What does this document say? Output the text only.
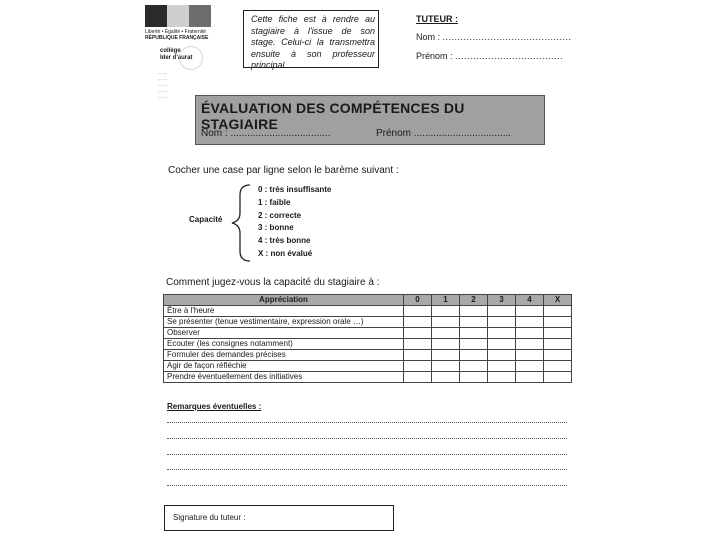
Liberté • Égalité • Fraternité
RÉPUBLIQUE FRANÇAISE
collège
Ider d'aurat
........
........
........
........
........
Cette fiche est à rendre au stagiaire à l'issue de son stage. Celui-ci la transmettra ensuite à son professeur principal.
TUTEUR :
Nom : ...........................................
Prénom : ....................................
ÉVALUATION DES COMPÉTENCES DU STAGIAIRE
Nom : ....................................	Prénom ...................................
Cocher une case par ligne selon le barème suivant :
Capacité
0 : très insuffisante
1 : faible
2 : correcte
3 : bonne
4 : très bonne
X : non évalué
Comment jugez-vous la capacité du stagiaire à :
Appréciation	0	1	2	3	4	X
Être à l'heure						
Se présenter (tenue vestimentaire, expression orale …)						
Observer						
Ecouter (les consignes notamment)						
Formuler des demandes précises						
Agir de façon réfléchie						
Prendre éventuellement des initiatives						
Remarques éventuelles :
Signature du tuteur :
